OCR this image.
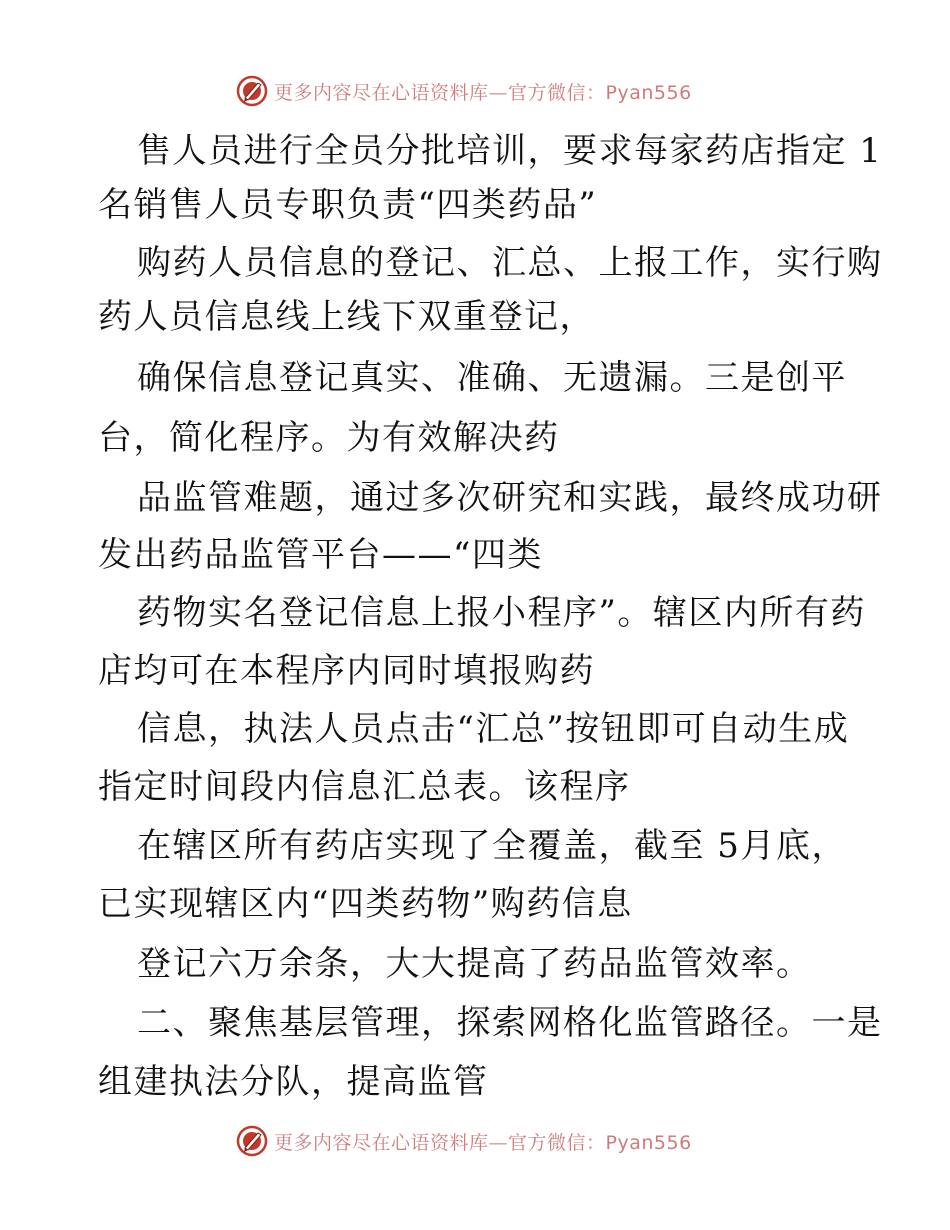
更多内容尽在心语资料库—官方微信：Pyan556
售人员进行全员分批培训，要求每家药店指定 1
名销售人员专职负责“四类药品”
购药人员信息的登记、汇总、上报工作，实行购
药人员信息线上线下双重登记，
确保信息登记真实、准确、无遗漏。三是创平
台，简化程序。为有效解决药
品监管难题，通过多次研究和实践，最终成功研
发出药品监管平台——“四类
药物实名登记信息上报小程序”。辖区内所有药
店均可在本程序内同时填报购药
信息，执法人员点击“汇总”按钮即可自动生成
指定时间段内信息汇总表。该程序
在辖区所有药店实现了全覆盖，截至 5月底，
已实现辖区内“四类药物”购药信息
登记六万余条，大大提高了药品监管效率。
二、聚焦基层管理，探索网格化监管路径。一是
组建执法分队，提高监管
更多内容尽在心语资料库—官方微信：Pyan556
